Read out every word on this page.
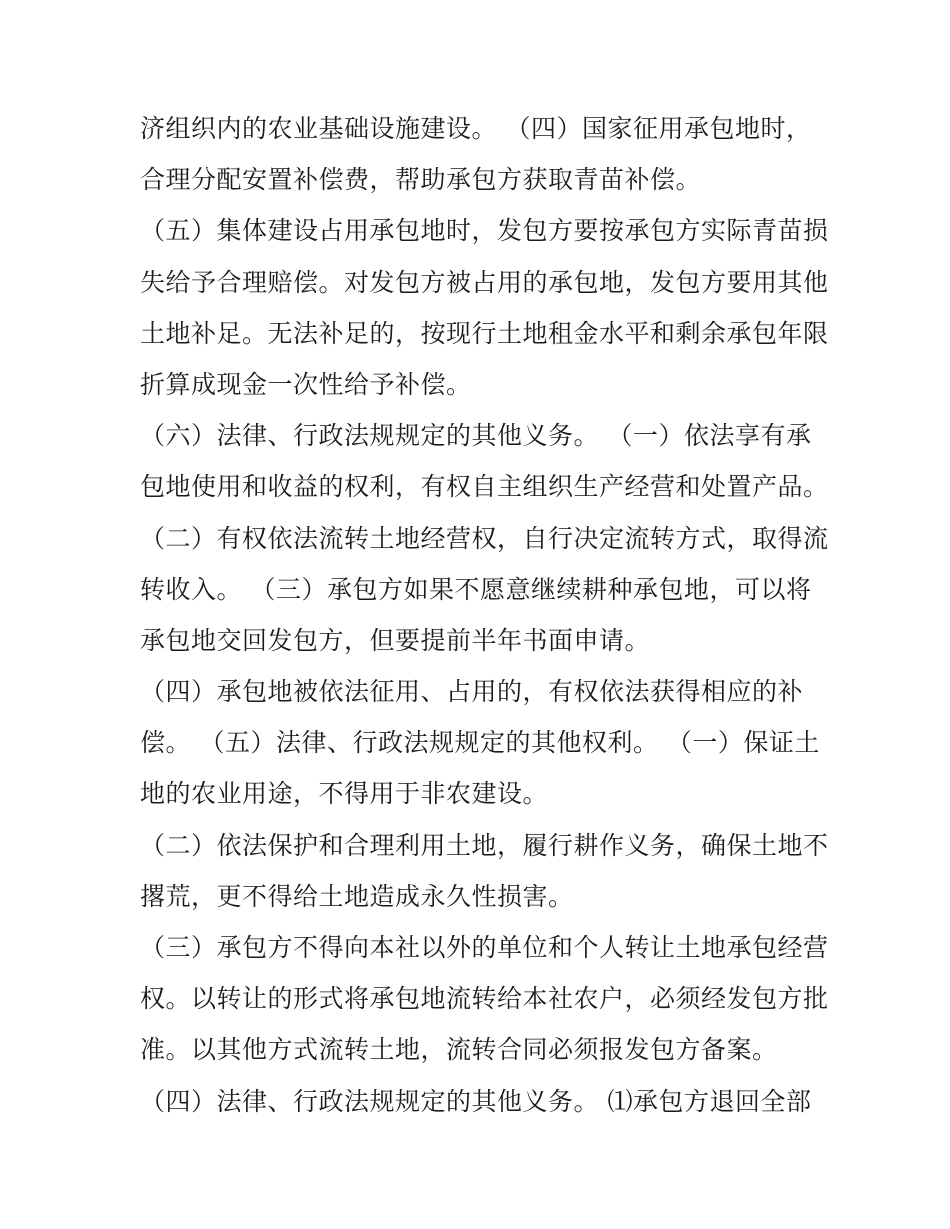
济组织内的农业基础设施建设。 （四）国家征用承包地时，
合理分配安置补偿费，帮助承包方获取青苗补偿。
（五）集体建设占用承包地时，发包方要按承包方实际青苗损
失给予合理赔偿。对发包方被占用的承包地，发包方要用其他
土地补足。无法补足的，按现行土地租金水平和剩余承包年限
折算成现金一次性给予补偿。
（六）法律、行政法规规定的其他义务。 （一）依法享有承
包地使用和收益的权利，有权自主组织生产经营和处置产品。
（二）有权依法流转土地经营权，自行决定流转方式，取得流
转收入。 （三）承包方如果不愿意继续耕种承包地，可以将
承包地交回发包方，但要提前半年书面申请。
（四）承包地被依法征用、占用的，有权依法获得相应的补
偿。 （五）法律、行政法规规定的其他权利。 （一）保证土
地的农业用途，不得用于非农建设。
（二）依法保护和合理利用土地，履行耕作义务，确保土地不
撂荒，更不得给土地造成永久性损害。
（三）承包方不得向本社以外的单位和个人转让土地承包经营
权。以转让的形式将承包地流转给本社农户，必须经发包方批
准。以其他方式流转土地，流转合同必须报发包方备案。
（四）法律、行政法规规定的其他义务。 ⑴承包方退回全部
